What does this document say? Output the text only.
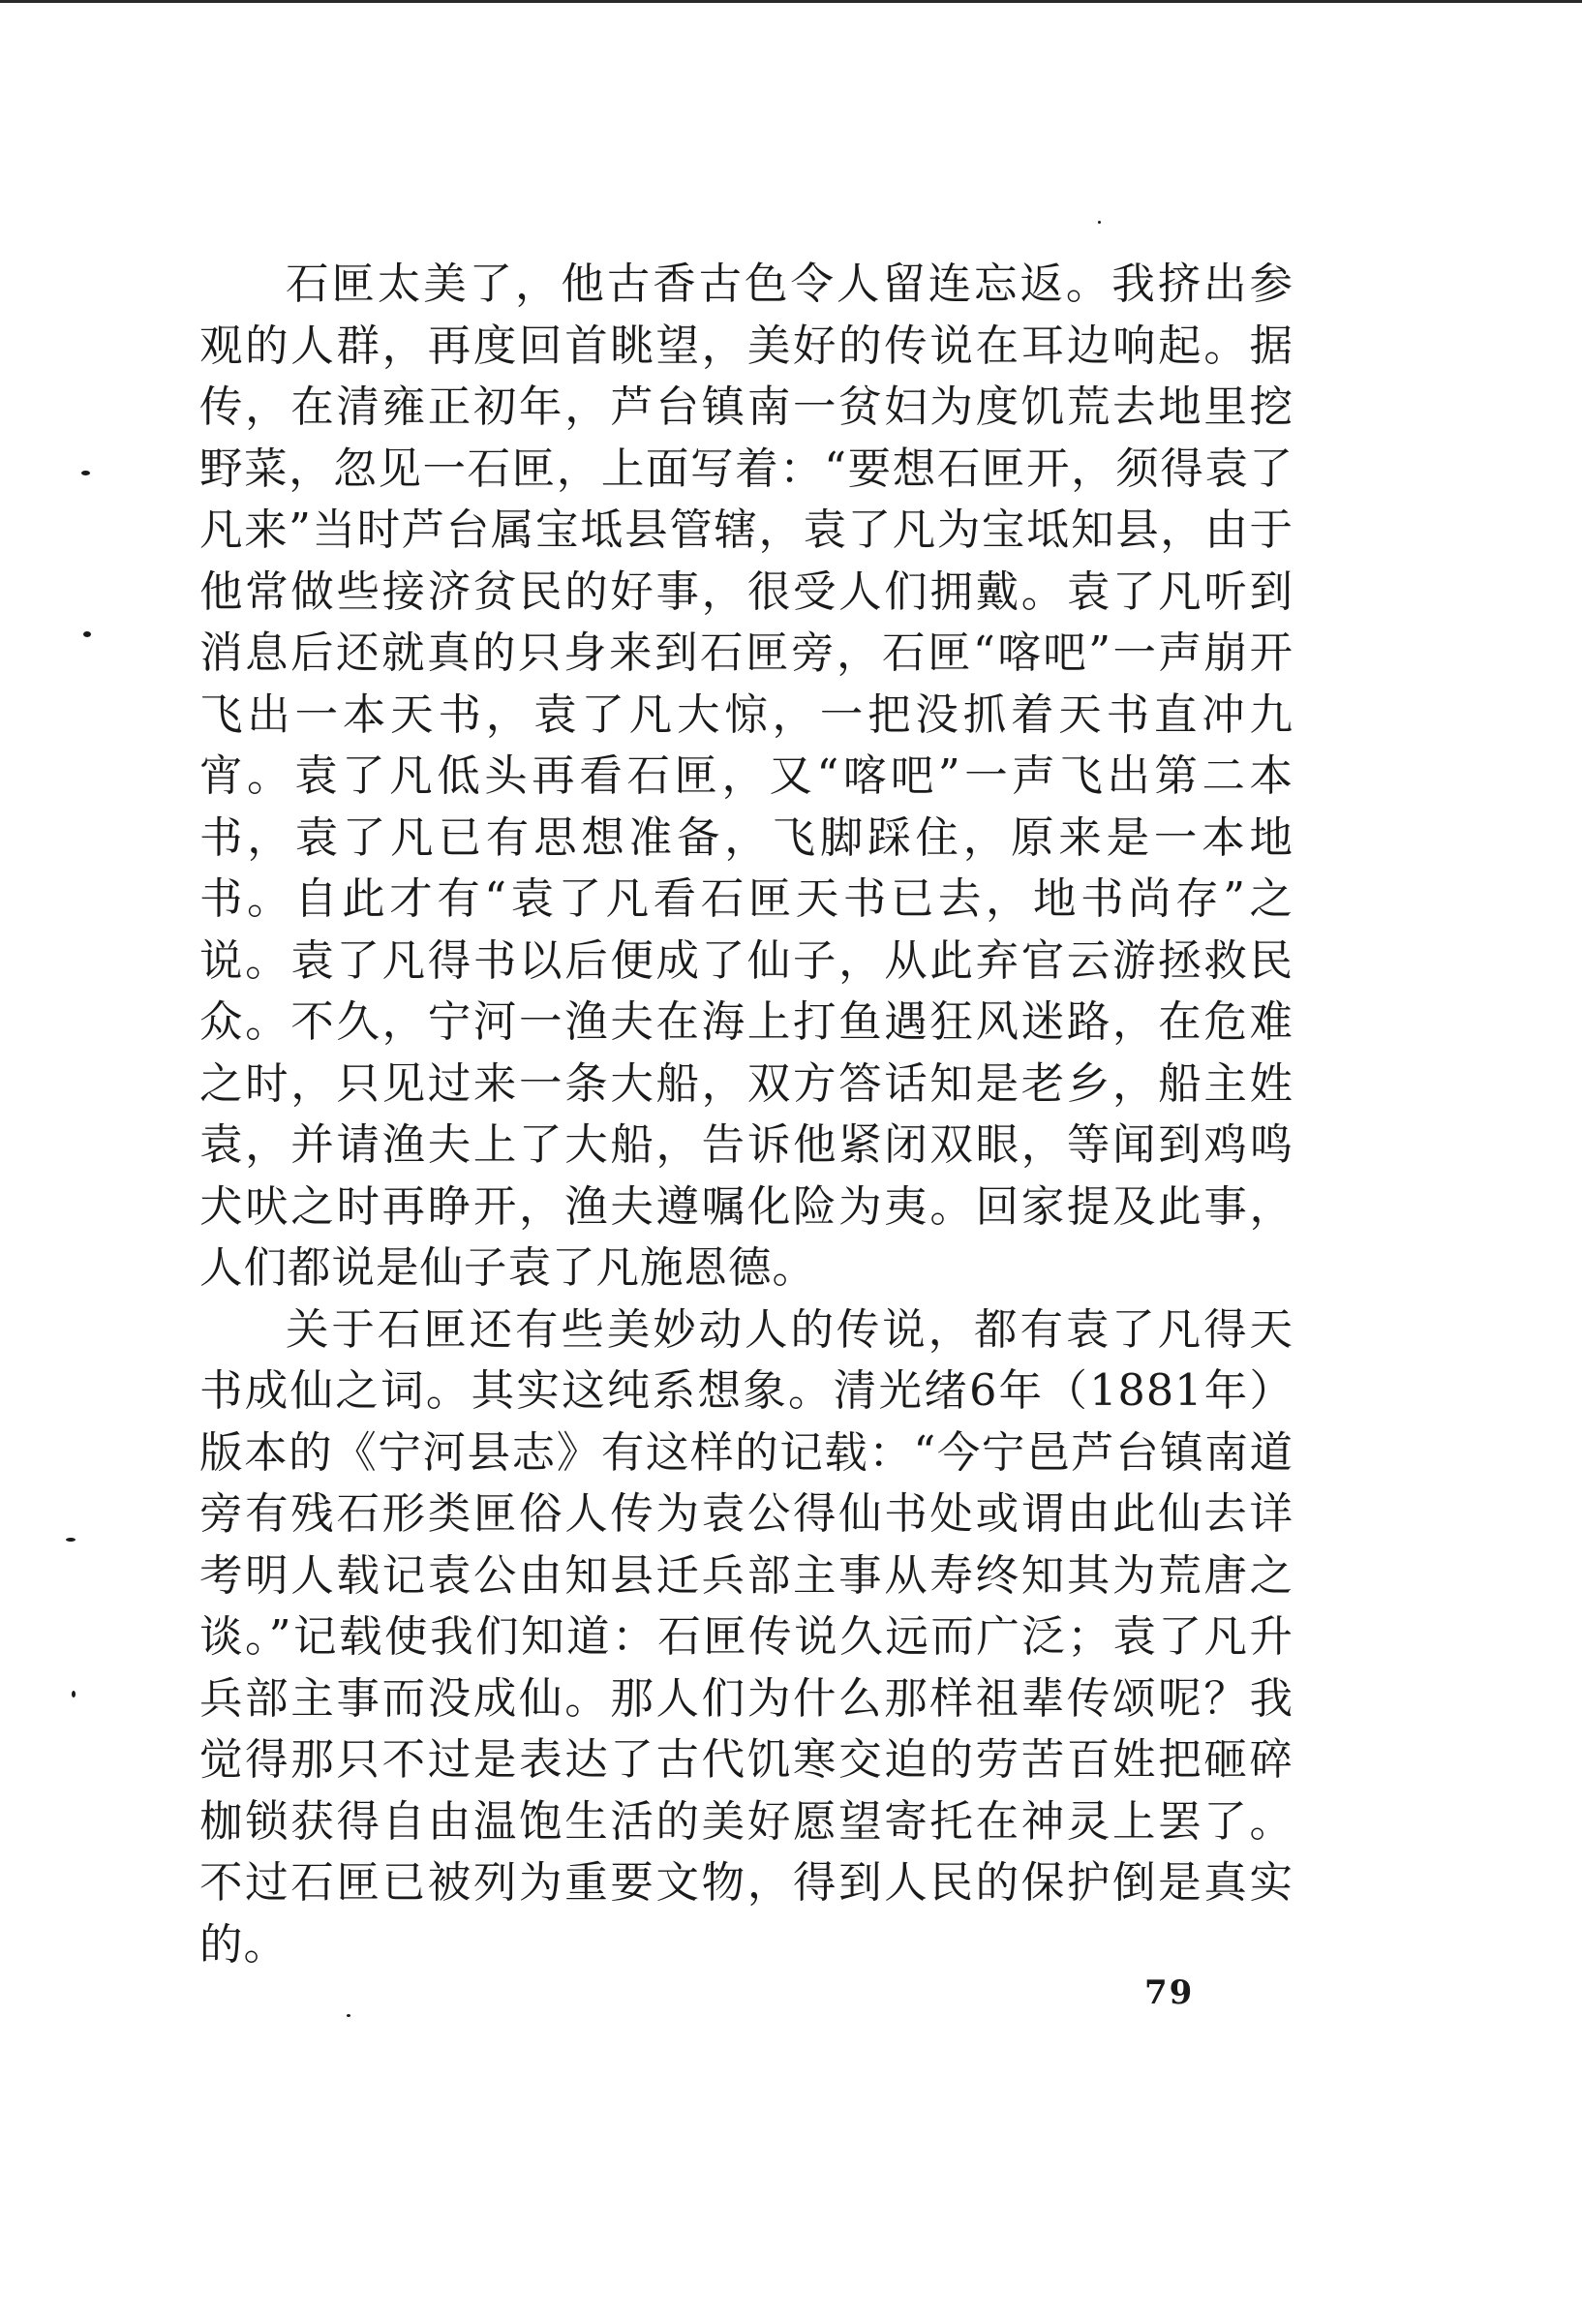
石匣太美了，他古香古色令人留连忘返。我挤出参观的人群，再度回首眺望，美好的传说在耳边响起。据传，在清雍正初年，芦台镇南一贫妇为度饥荒去地里挖野菜，忽见一石匣，上面写着：“要想石匣开，须得袁了凡来”当时芦台属宝坻县管辖，袁了凡为宝坻知县，由于他常做些接济贫民的好事，很受人们拥戴。袁了凡听到消息后还就真的只身来到石匣旁，石匣“喀吧”一声崩开飞出一本天书，袁了凡大惊，一把没抓着天书直冲九宵。袁了凡低头再看石匣，又“喀吧”一声飞出第二本书，袁了凡已有思想准备，飞脚踩住，原来是一本地书。自此才有“袁了凡看石匣天书已去，地书尚存”之说。袁了凡得书以后便成了仙子，从此弃官云游拯救民众。不久，宁河一渔夫在海上打鱼遇狂风迷路，在危难之时，只见过来一条大船，双方答话知是老乡，船主姓袁，并请渔夫上了大船，告诉他紧闭双眼，等闻到鸡鸣犬吠之时再睁开，渔夫遵嘱化险为夷。回家提及此事，人们都说是仙子袁了凡施恩德。

关于石匣还有些美妙动人的传说，都有袁了凡得天书成仙之词。其实这纯系想象。清光绪6年（1881年）版本的《宁河县志》有这样的记载：“今宁邑芦台镇南道旁有残石形类匣俗人传为袁公得仙书处或谓由此仙去详考明人载记袁公由知县迁兵部主事从寿终知其为荒唐之谈。”记载使我们知道：石匣传说久远而广泛；袁了凡升兵部主事而没成仙。那人们为什么那样祖辈传颂呢？我觉得那只不过是表达了古代饥寒交迫的劳苦百姓把砸碎枷锁获得自由温饱生活的美好愿望寄托在神灵上罢了。不过石匣已被列为重要文物，得到人民的保护倒是真实的。

79
